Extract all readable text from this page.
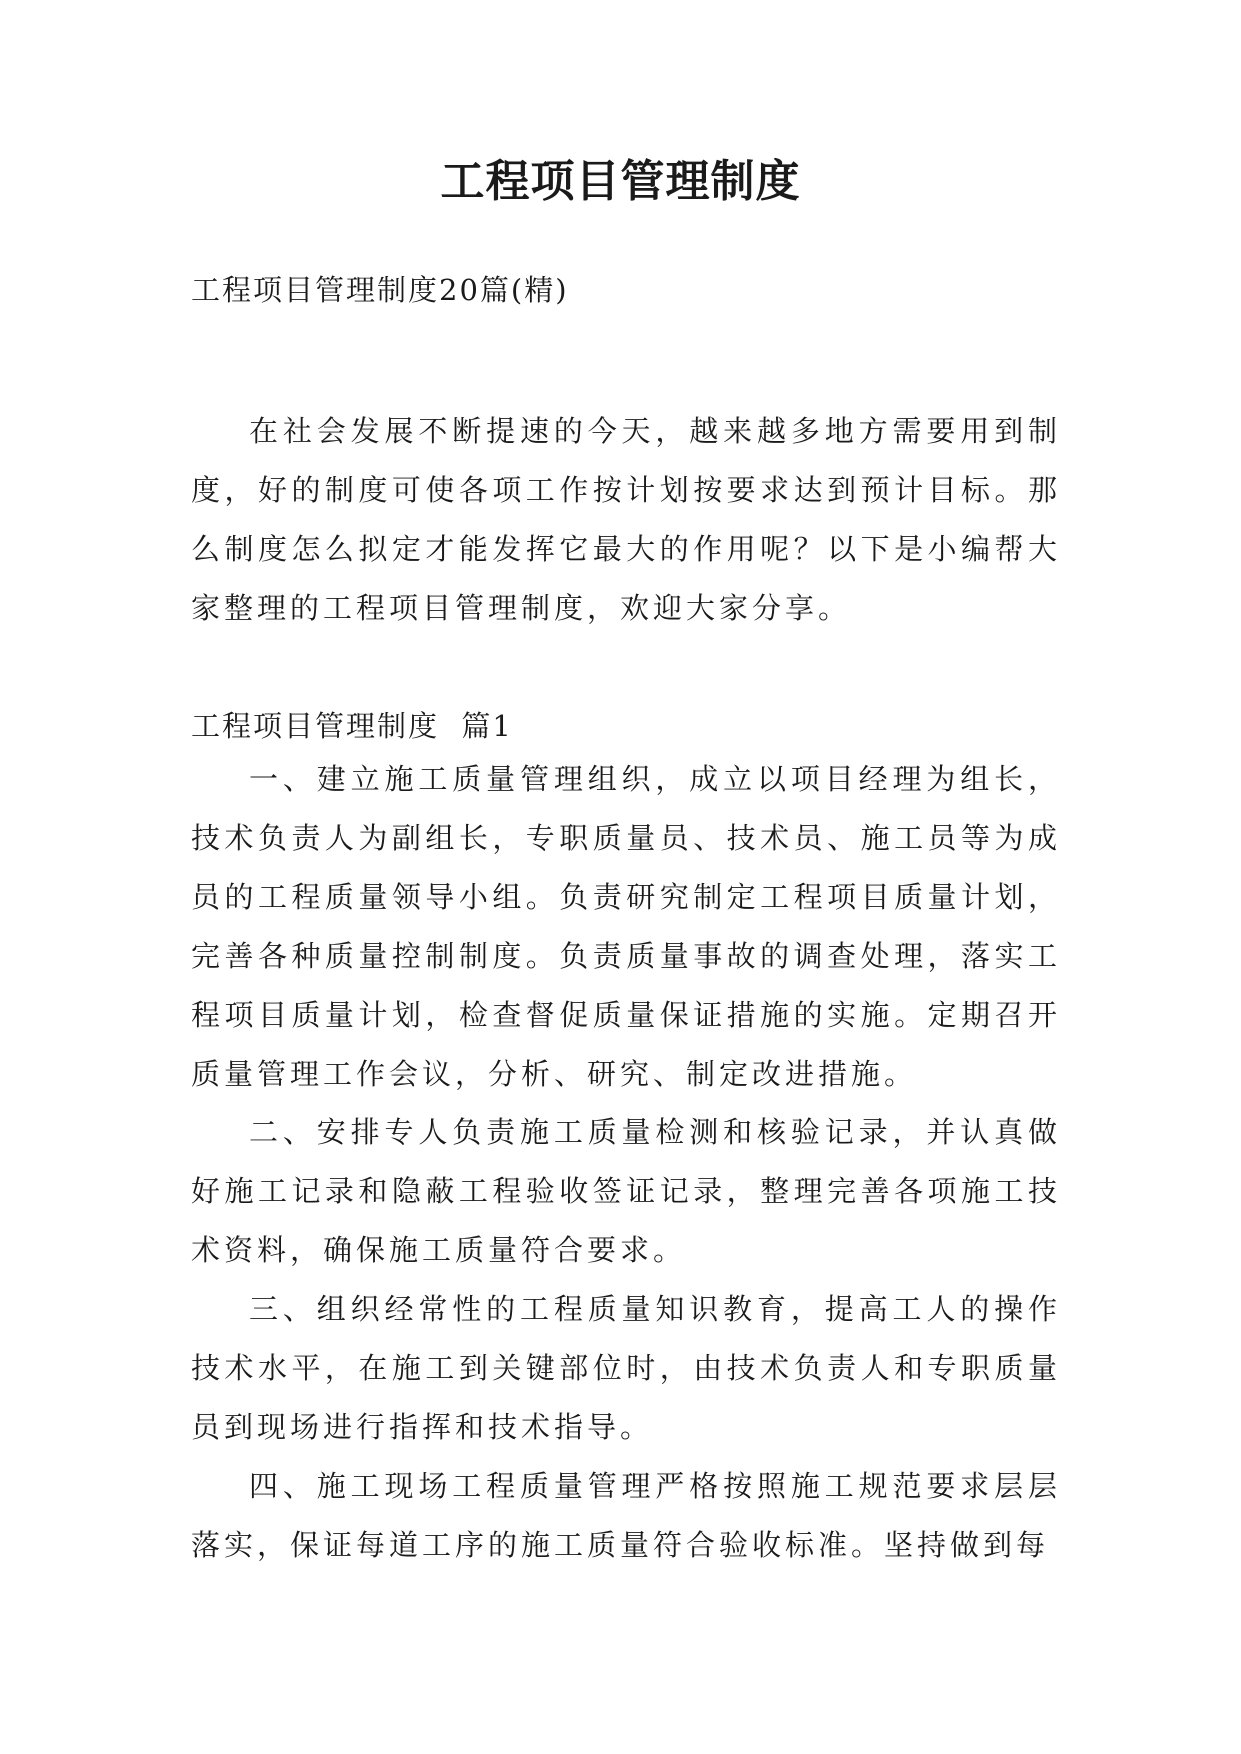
工程项目管理制度

工程项目管理制度20篇(精)

在社会发展不断提速的今天，越来越多地方需要用到制度，好的制度可使各项工作按计划按要求达到预计目标。那么制度怎么拟定才能发挥它最大的作用呢？以下是小编帮大家整理的工程项目管理制度，欢迎大家分享。

工程项目管理制度  篇1

一、建立施工质量管理组织，成立以项目经理为组长，技术负责人为副组长，专职质量员、技术员、施工员等为成员的工程质量领导小组。负责研究制定工程项目质量计划，完善各种质量控制制度。负责质量事故的调查处理，落实工程项目质量计划，检查督促质量保证措施的实施。定期召开质量管理工作会议，分析、研究、制定改进措施。

二、安排专人负责施工质量检测和核验记录，并认真做好施工记录和隐蔽工程验收签证记录，整理完善各项施工技术资料，确保施工质量符合要求。

三、组织经常性的工程质量知识教育，提高工人的操作技术水平，在施工到关键部位时，由技术负责人和专职质量员到现场进行指挥和技术指导。

四、施工现场工程质量管理严格按照施工规范要求层层落实，保证每道工序的施工质量符合验收标准。坚持做到每
